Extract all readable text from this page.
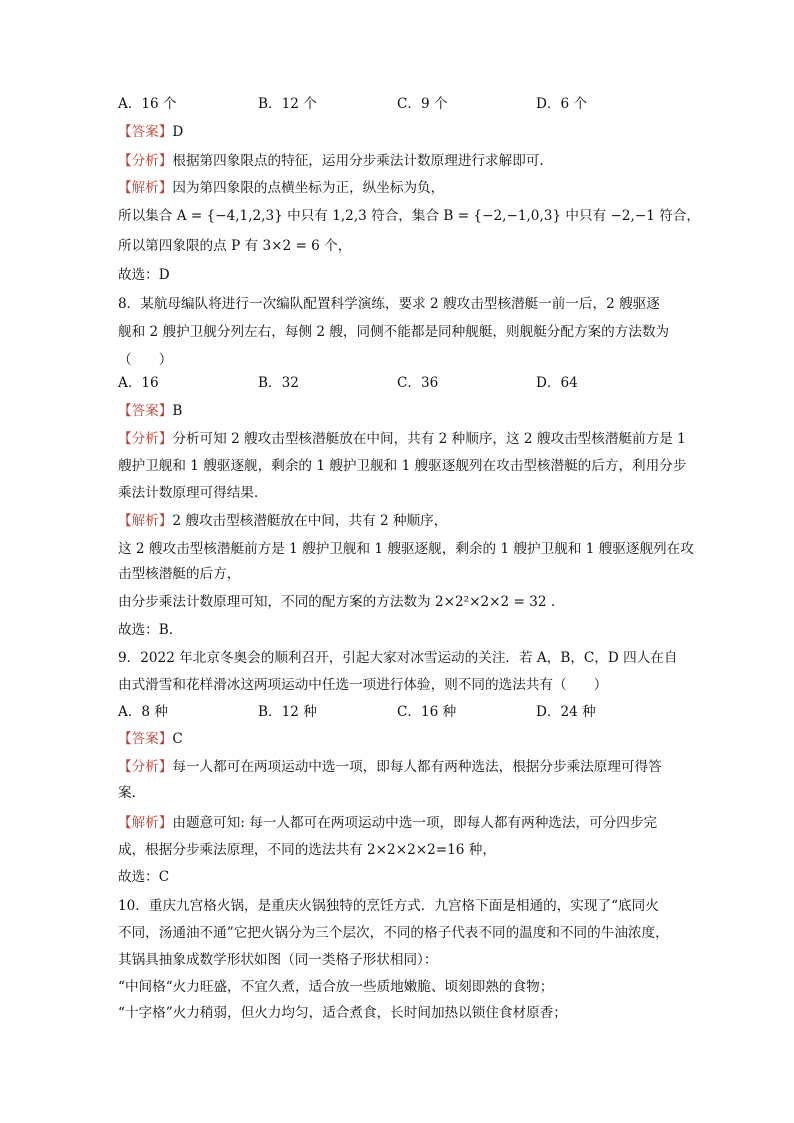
A．16 个	B．12 个	C．9 个	D．6 个
【答案】D
【分析】根据第四象限点的特征，运用分步乘法计数原理进行求解即可.
【解析】因为第四象限的点横坐标为正，纵坐标为负，
所以集合 A = {−4,1,2,3} 中只有 1,2,3 符合，集合 B = {−2,−1,0,3} 中只有 −2,−1 符合，
所以第四象限的点 P 有 3×2 = 6 个，
故选：D
8．某航母编队将进行一次编队配置科学演练，要求 2 艘攻击型核潜艇一前一后，2 艘驱逐
舰和 2 艘护卫舰分列左右，每侧 2 艘，同侧不能都是同种舰艇，则舰艇分配方案的方法数为
（　　）
A．16	B．32	C．36	D．64
【答案】B
【分析】分析可知 2 艘攻击型核潜艇放在中间，共有 2 种顺序，这 2 艘攻击型核潜艇前方是 1
艘护卫舰和 1 艘驱逐舰，剩余的 1 艘护卫舰和 1 艘驱逐舰列在攻击型核潜艇的后方，利用分步
乘法计数原理可得结果.
【解析】2 艘攻击型核潜艇放在中间，共有 2 种顺序，
这 2 艘攻击型核潜艇前方是 1 艘护卫舰和 1 艘驱逐舰，剩余的 1 艘护卫舰和 1 艘驱逐舰列在攻
击型核潜艇的后方，
由分步乘法计数原理可知，不同的配方案的方法数为 2×2²×2×2 = 32 .
故选：B.
9．2022 年北京冬奥会的顺利召开，引起大家对冰雪运动的关注．若 A，B，C，D 四人在自
由式滑雪和花样滑冰这两项运动中任选一项进行体验，则不同的选法共有（　　）
A．8 种	B．12 种	C．16 种	D．24 种
【答案】C
【分析】每一人都可在两项运动中选一项，即每人都有两种选法，根据分步乘法原理可得答
案.
【解析】由题意可知: 每一人都可在两项运动中选一项，即每人都有两种选法，可分四步完
成，根据分步乘法原理，不同的选法共有 2×2×2×2=16 种，
故选：C
10．重庆九宫格火锅，是重庆火锅独特的烹饪方式．九宫格下面是相通的，实现了“底同火
不同，汤通油不通”它把火锅分为三个层次，不同的格子代表不同的温度和不同的牛油浓度，
其锅具抽象成数学形状如图（同一类格子形状相同）：
“中间格“火力旺盛，不宜久煮，适合放一些质地嫩脆、顷刻即熟的食物；
“十字格”火力稍弱，但火力均匀，适合煮食，长时间加热以锁住食材原香；
